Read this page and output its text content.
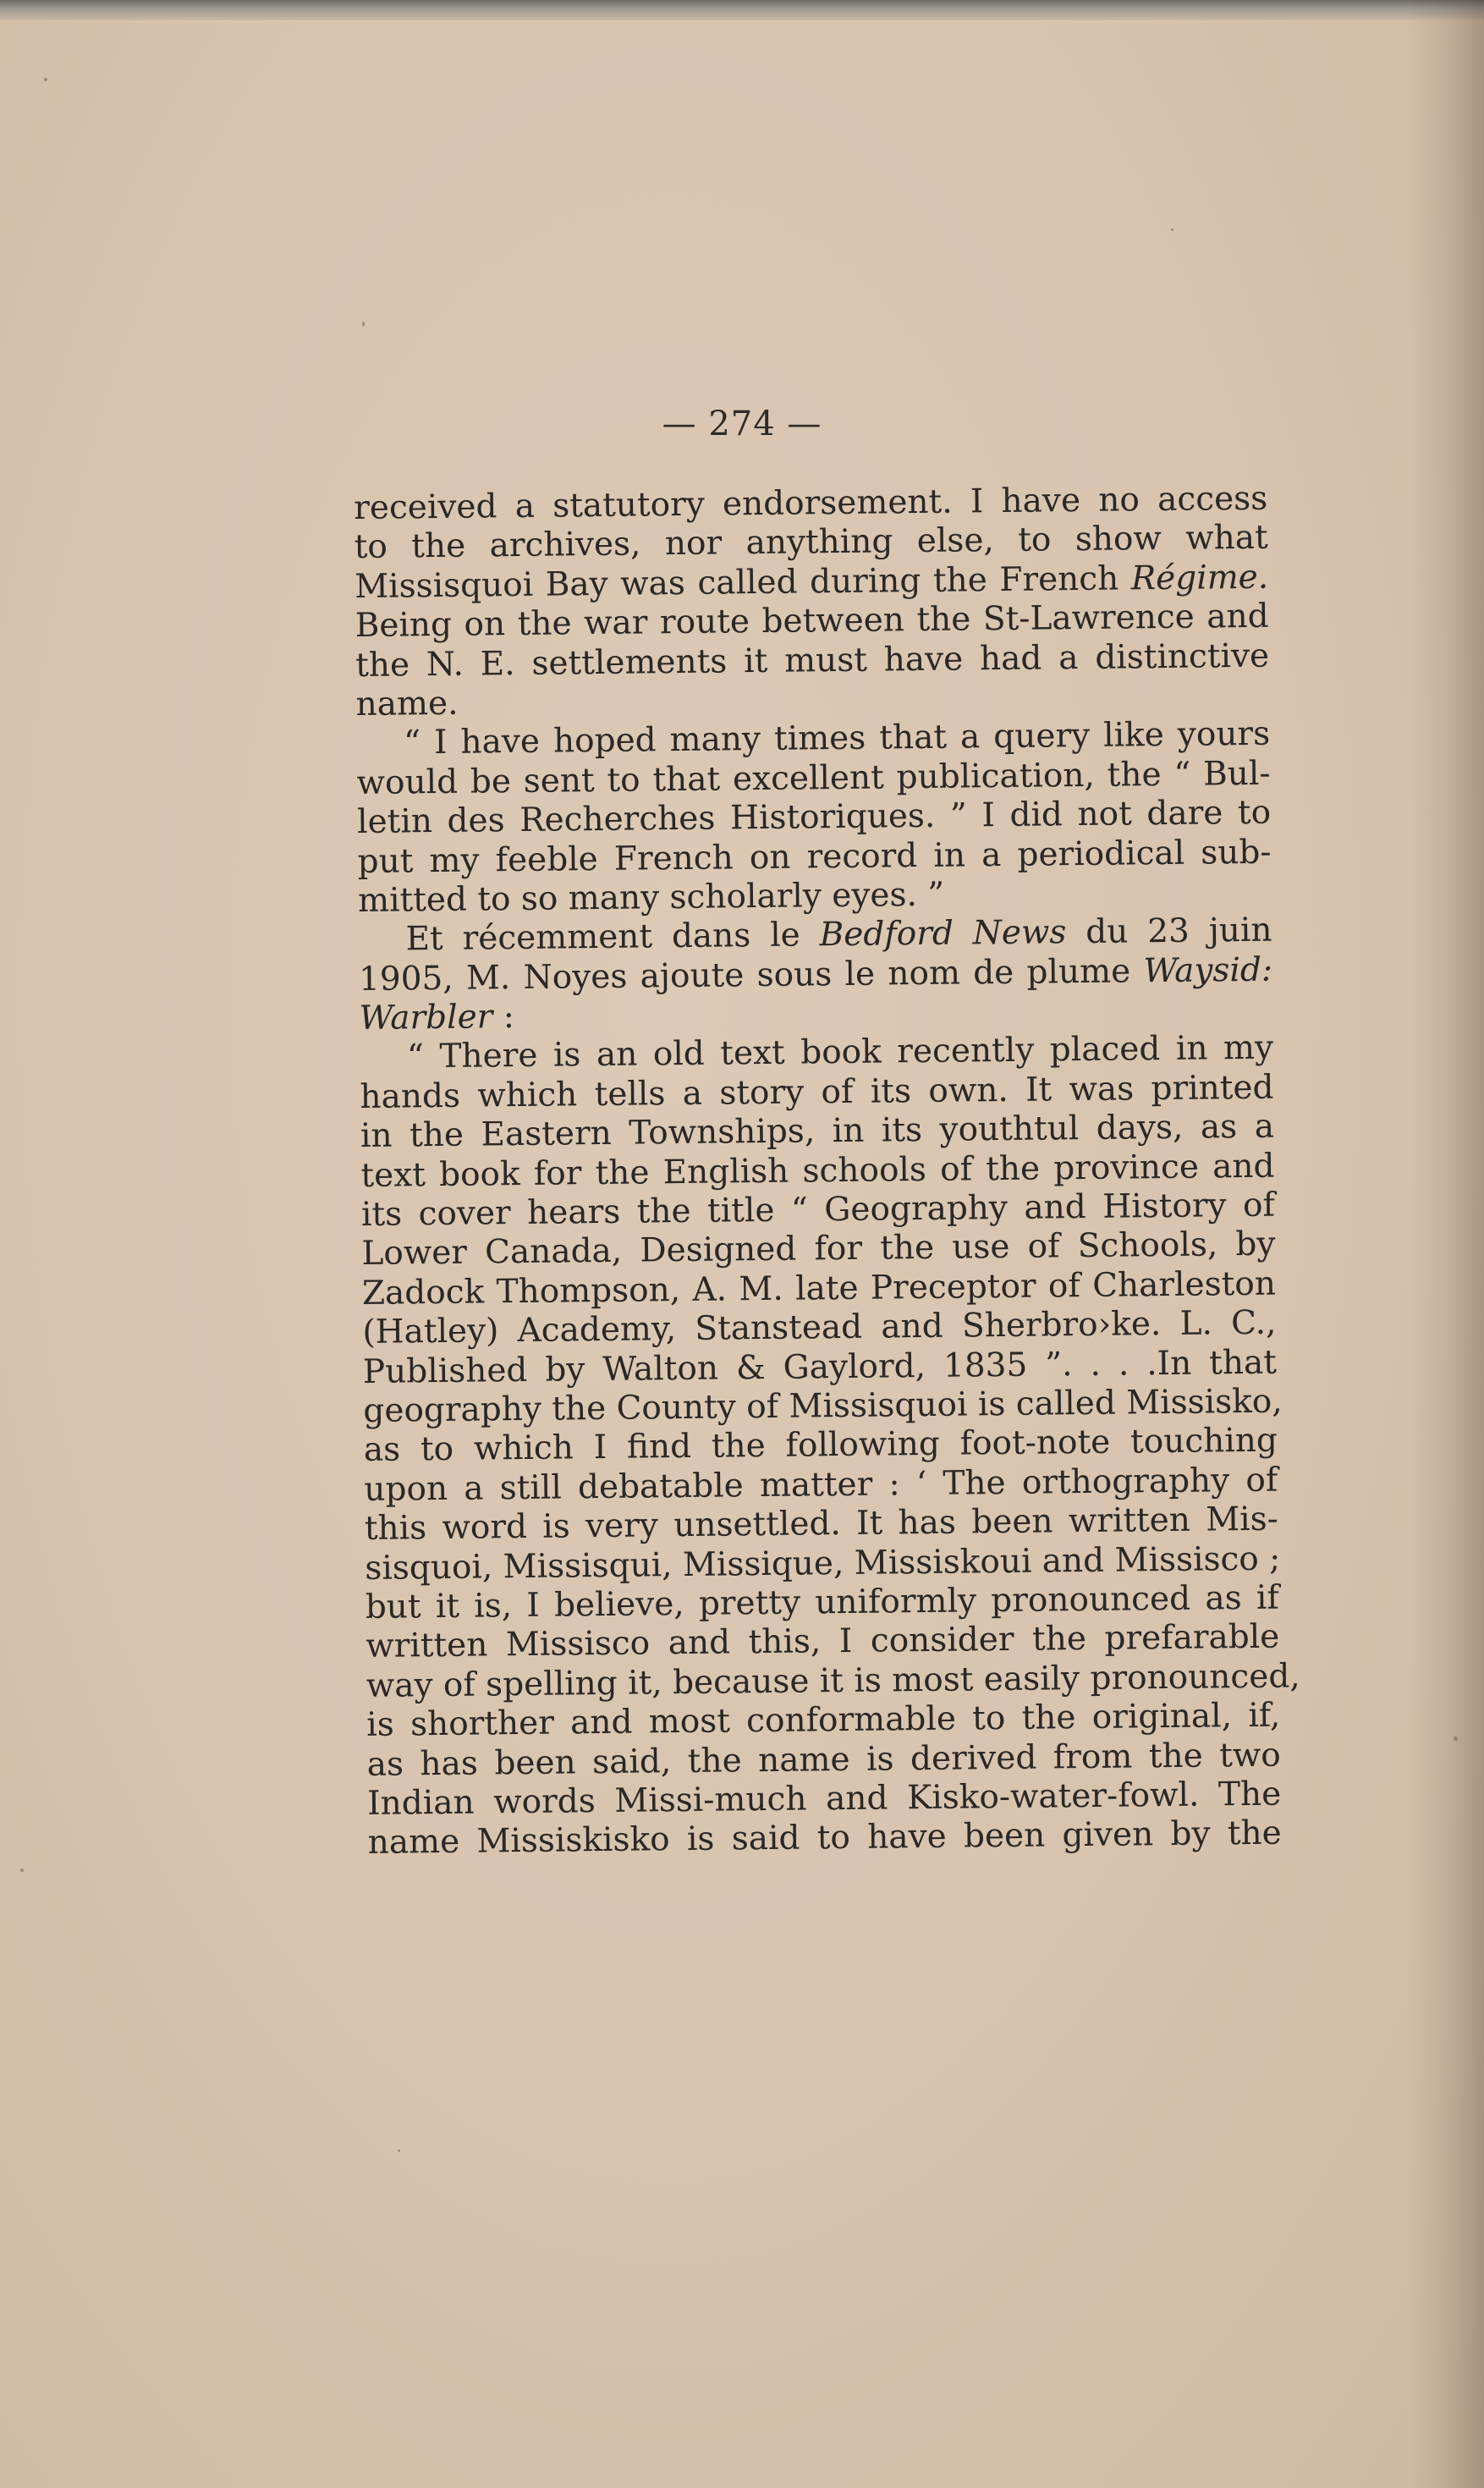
— 274 —
received a statutory endorsement. I have no access
to the archives, nor anything else, to show what
Missisquoi Bay was called during the French Régime.
Being on the war route between the St-Lawrence and
the N. E. settlements it must have had a distinctive
name.
“ I have hoped many times that a query like yours
would be sent to that excellent publication, the “ Bul-
letin des Recherches Historiques. ” I did not dare to
put my feeble French on record in a periodical sub-
mitted to so many scholarly eyes. ”
Et récemment dans le Bedford News du 23 juin
1905, M. Noyes ajoute sous le nom de plume Waysid:
Warbler :
“ There is an old text book recently placed in my
hands which tells a story of its own. It was printed
in the Eastern Townships, in its youthtul days, as a
text book for the English schools of the province and
its cover hears the title “ Geography and History of
Lower Canada, Designed for the use of Schools, by
Zadock Thompson, A. M. late Preceptor of Charleston
(Hatley) Academy, Stanstead and Sherbro›ke. L. C.,
Published by Walton & Gaylord, 1835 ”. . . .In that
geography the County of Missisquoi is called Missisko,
as to which I find the following foot-note touching
upon a still debatable matter : ‘ The orthography of
this word is very unsettled. It has been written Mis-
sisquoi, Missisqui, Missique, Missiskoui and Missisco ;
but it is, I believe, pretty uniformly pronounced as if
written Missisco and this, I consider the prefarable
way of spelling it, because it is most easily pronounced,
is shorther and most conformable to the original, if,
as has been said, the name is derived from the two
Indian words Missi-much and Kisko-water-fowl. The
name Missiskisko is said to have been given by the
